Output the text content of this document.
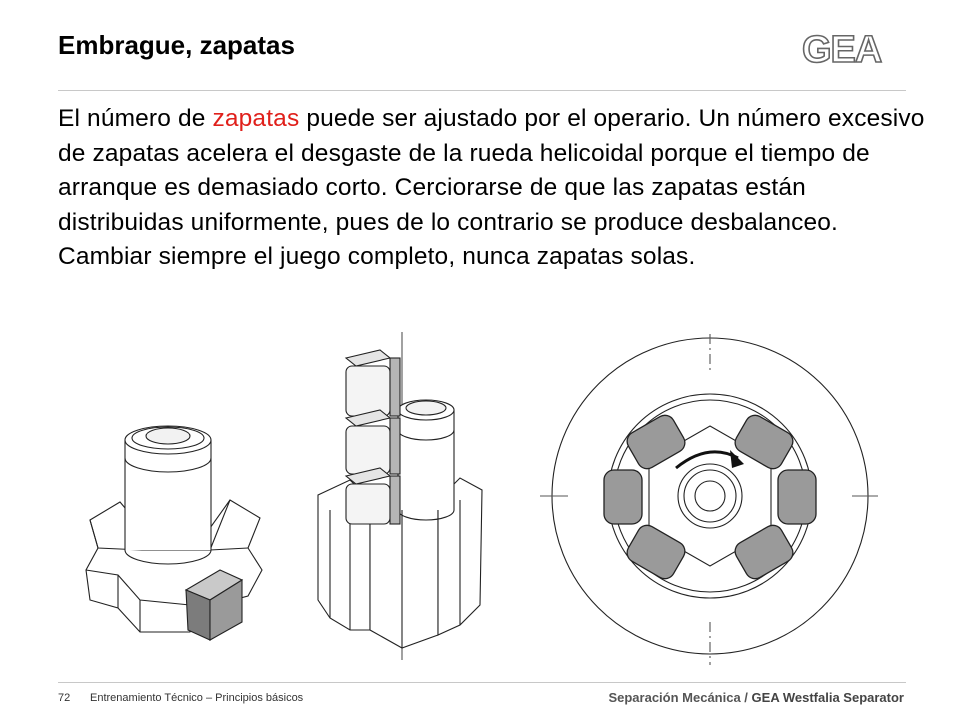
Embrague, zapatas	GEA
El número de zapatas puede ser ajustado por el operario. Un número excesivo de zapatas acelera el desgaste de la rueda helicoidal porque el tiempo de arranque es demasiado corto. Cerciorarse de que las zapatas están distribuidas uniformente, pues de lo contrario se produce desbalanceo. Cambiar siempre el juego completo, nunca zapatas solas.
72 Entrenamiento Técnico – Principios básicos	Separación Mecánica / GEA Westfalia Separator
